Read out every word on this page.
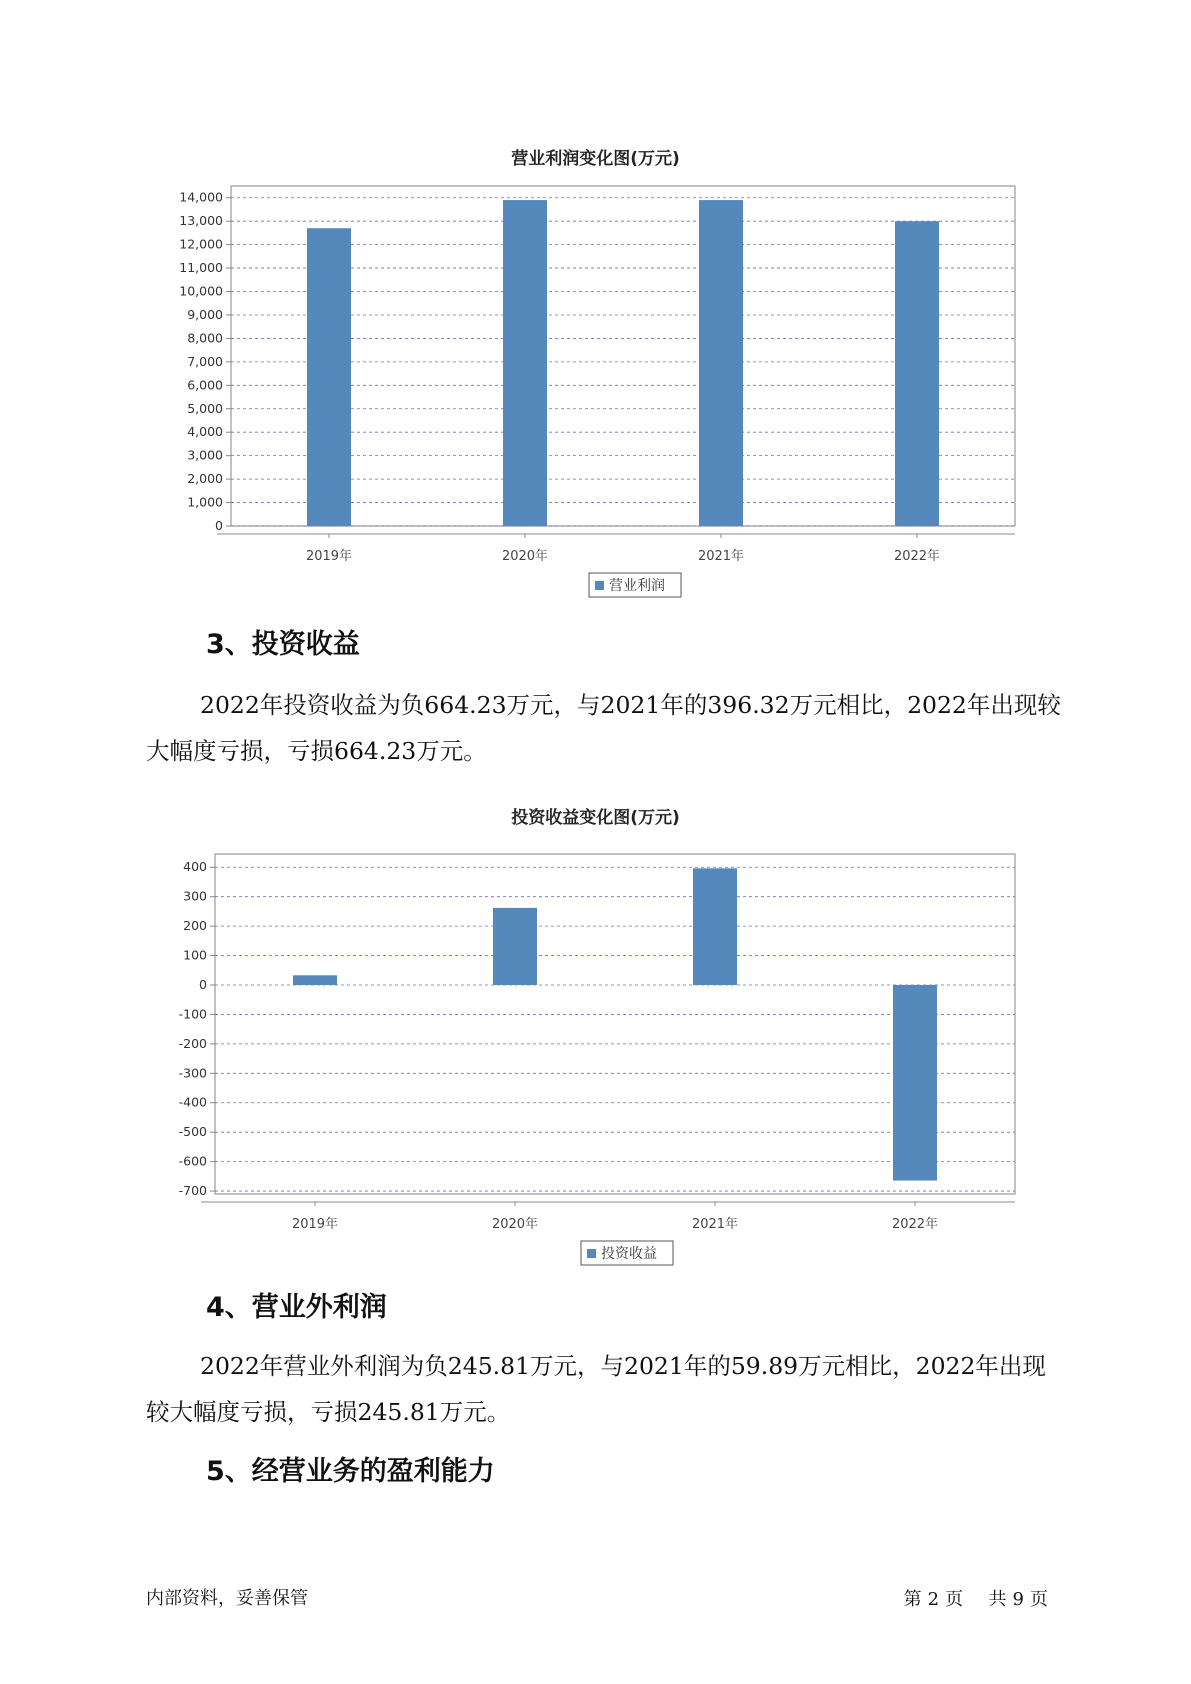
营业利润变化图(万元)
0
1,000
2,000
3,000
4,000
5,000
6,000
7,000
8,000
9,000
10,000
11,000
12,000
13,000
14,000
2019年	2020年	2021年	2022年
营业利润
3、投资收益
2022年投资收益为负664.23万元，与2021年的396.32万元相比，2022年出现较大幅度亏损，亏损664.23万元。
投资收益变化图(万元)
400
300
200
100
0
-100
-200
-300
-400
-500
-600
-700
2019年	2020年	2021年	2022年
投资收益
4、营业外利润
2022年营业外利润为负245.81万元，与2021年的59.89万元相比，2022年出现较大幅度亏损，亏损245.81万元。
5、经营业务的盈利能力
内部资料，妥善保管	第 2 页 共 9 页
